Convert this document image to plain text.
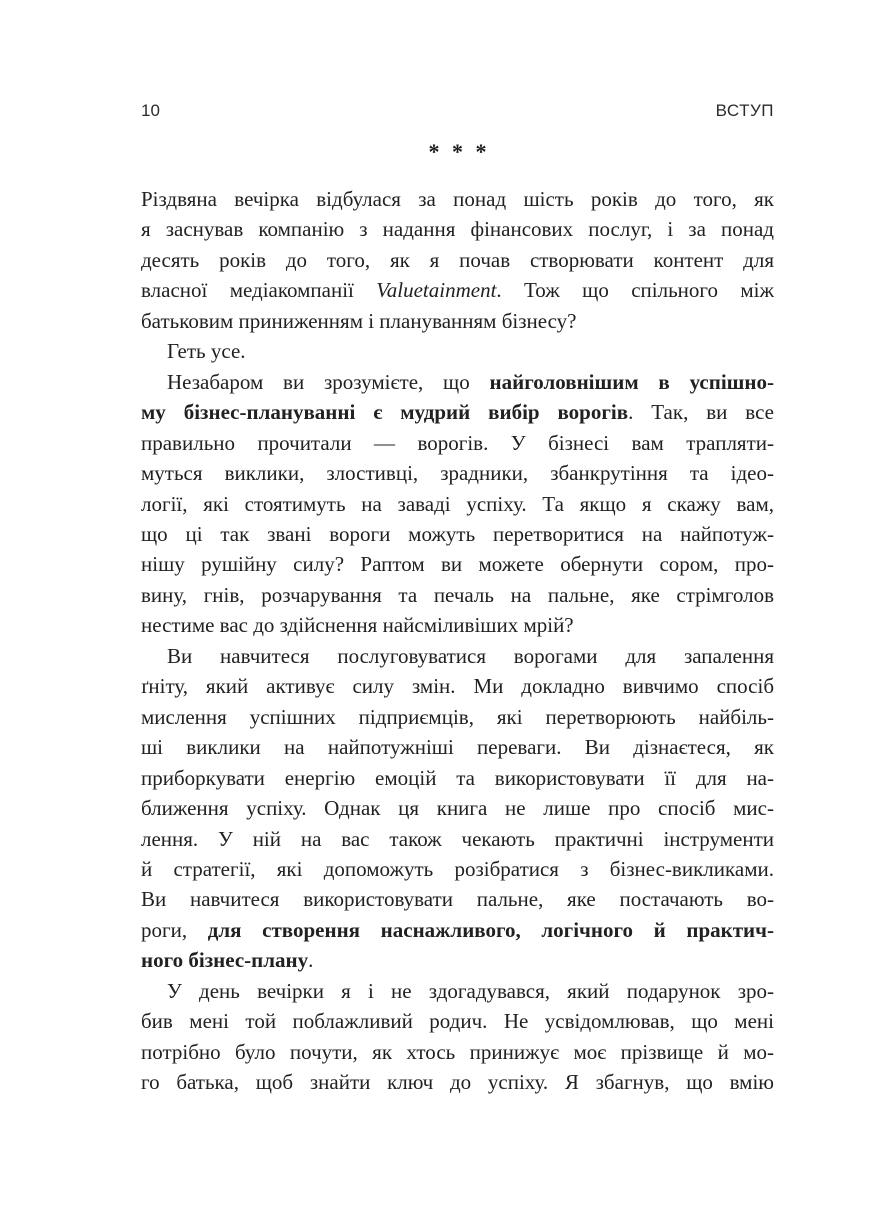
10	ВСТУП
* * *
Різдвяна вечірка відбулася за понад шість років до того, як
я заснував компанію з надання фінансових послуг, і за понад
десять років до того, як я почав створювати контент для
власної медіакомпанії Valuetainment. Тож що спільного між
батьковим приниженням і плануванням бізнесу?
Геть усе.
Незабаром ви зрозумієте, що найголовнішим в успішно-
му бізнес-плануванні є мудрий вибір ворогів. Так, ви все
правильно прочитали — ворогів. У бізнесі вам трапляти-
муться виклики, злостивці, зрадники, збанкрутіння та ідео-
логії, які стоятимуть на заваді успіху. Та якщо я скажу вам,
що ці так звані вороги можуть перетворитися на найпотуж-
нішу рушійну силу? Раптом ви можете обернути сором, про-
вину, гнів, розчарування та печаль на пальне, яке стрімголов
нестиме вас до здійснення найсміливіших мрій?
Ви навчитеся послуговуватися ворогами для запалення
ґніту, який активує силу змін. Ми докладно вивчимо спосіб
мислення успішних підприємців, які перетворюють найбіль-
ші виклики на найпотужніші переваги. Ви дізнаєтеся, як
приборкувати енергію емоцій та використовувати її для на-
ближення успіху. Однак ця книга не лише про спосіб мис-
лення. У ній на вас також чекають практичні інструменти
й стратегії, які допоможуть розібратися з бізнес-викликами.
Ви навчитеся використовувати пальне, яке постачають во-
роги, для створення наснажливого, логічного й практич-
ного бізнес-плану.
У день вечірки я і не здогадувався, який подарунок зро-
бив мені той поблажливий родич. Не усвідомлював, що мені
потрібно було почути, як хтось принижує моє прізвище й мо-
го батька, щоб знайти ключ до успіху. Я збагнув, що вмію
